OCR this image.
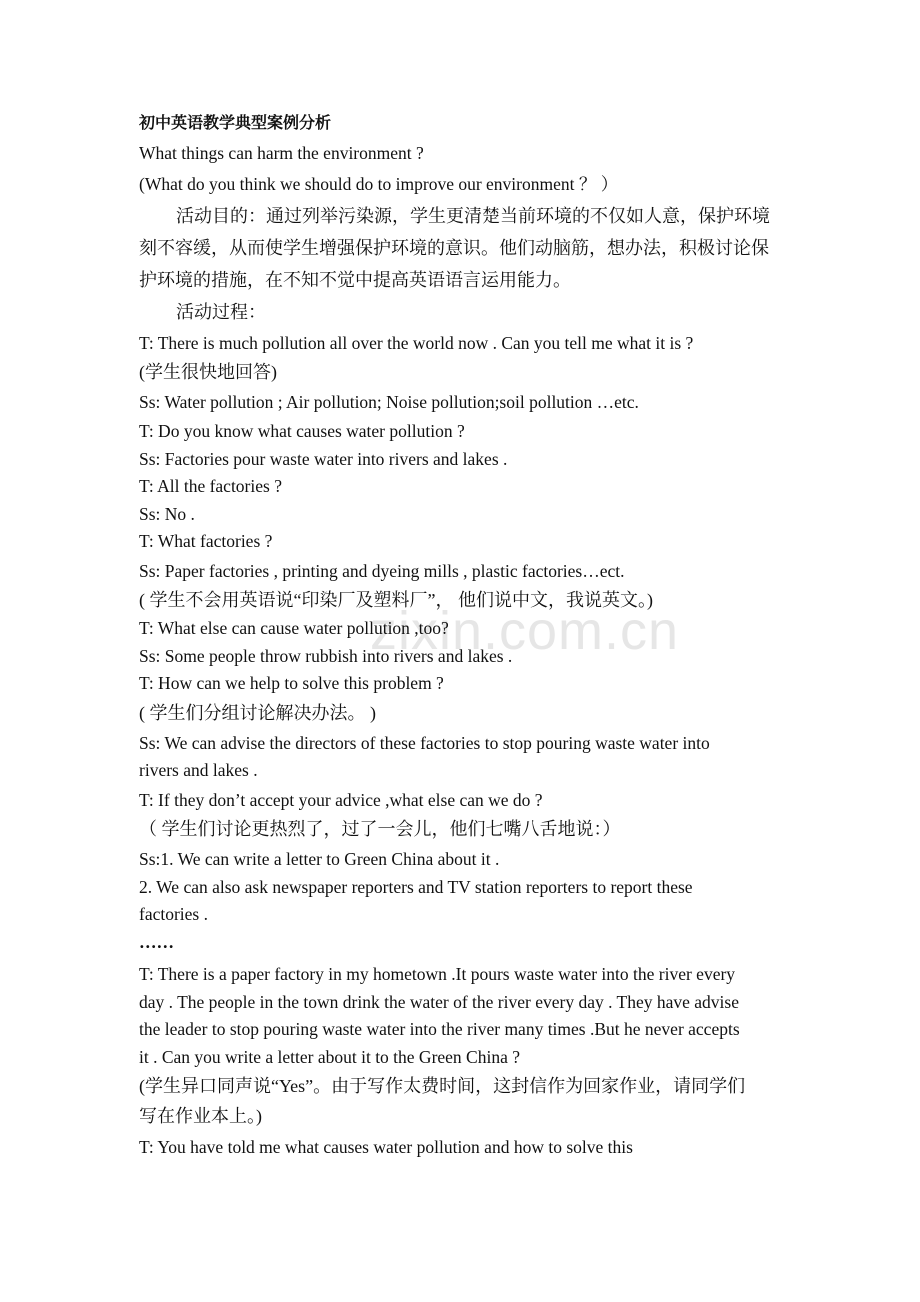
zixin.com.cn

初中英语教学典型案例分析

What things can harm the environment ?

(What do you think we should do to improve our environment ？ ）

活动目的：通过列举污染源，学生更清楚当前环境的不仅如人意，保护环境

刻不容缓，从而使学生增强保护环境的意识。他们动脑筋，想办法，积极讨论保

护环境的措施，在不知不觉中提高英语语言运用能力。

活动过程：

T: There is much pollution all over the world now . Can you tell me what it is ?

(学生很快地回答)

Ss: Water pollution ; Air pollution; Noise pollution;soil pollution …etc.

T: Do you know what causes water pollution ?

Ss: Factories pour waste water into rivers and lakes .

T: All the factories ?

Ss: No .

T: What factories ?

Ss: Paper factories , printing and dyeing mills , plastic factories…ect.

( 学生不会用英语说“印染厂及塑料厂”， 他们说中文，我说英文。)

T: What else can cause water pollution ,too?

Ss: Some people throw rubbish into rivers and lakes .

T: How can we help to solve this problem ?

( 学生们分组讨论解决办法。 )

Ss: We can advise the directors of these factories to stop pouring waste water into

rivers and lakes .

T: If they don’t accept your advice ,what else can we do ?

（ 学生们讨论更热烈了，过了一会儿，他们七嘴八舌地说：）

Ss:1. We can write a letter to Green China about it .

2. We can also ask newspaper reporters and TV station reporters to report these

factories .

……

T: There is a paper factory in my hometown .It pours waste water into the river every

day . The people in the town drink the water of the river every day . They have advise

the leader to stop pouring waste water into the river many times .But he never accepts

it . Can you write a letter about it to the Green China ?

(学生异口同声说“Yes”。由于写作太费时间，这封信作为回家作业，请同学们

写在作业本上。)

T: You have told me what causes water pollution and how to solve this
